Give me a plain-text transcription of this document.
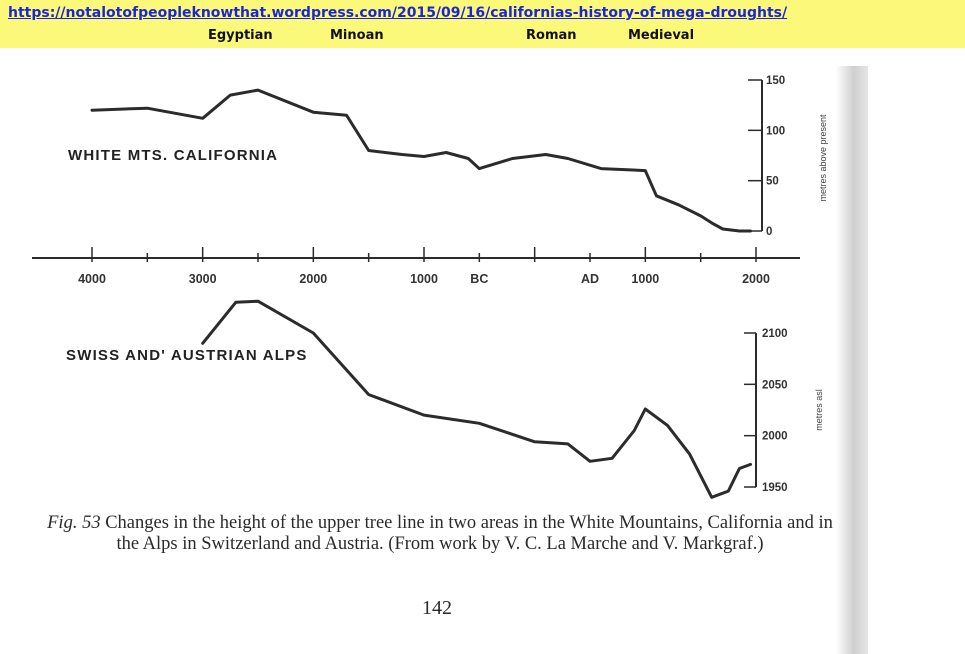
https://notalotofpeopleknowthat.wordpress.com/2015/09/16/californias-history-of-mega-droughts/
Egyptian	Minoan	Roman	Medieval
4000	3000	2000	1000	BC	AD	1000	2000
150
100
50
0
metres above present
2100
2050
2000
1950
metres asl
WHITE MTS. CALIFORNIA
SWISS AND' AUSTRIAN ALPS
Fig. 53 Changes in the height of the upper tree line in two areas in the White Mountains, California and in the Alps in Switzerland and Austria. (From work by V. C. La Marche and V. Markgraf.)
142
